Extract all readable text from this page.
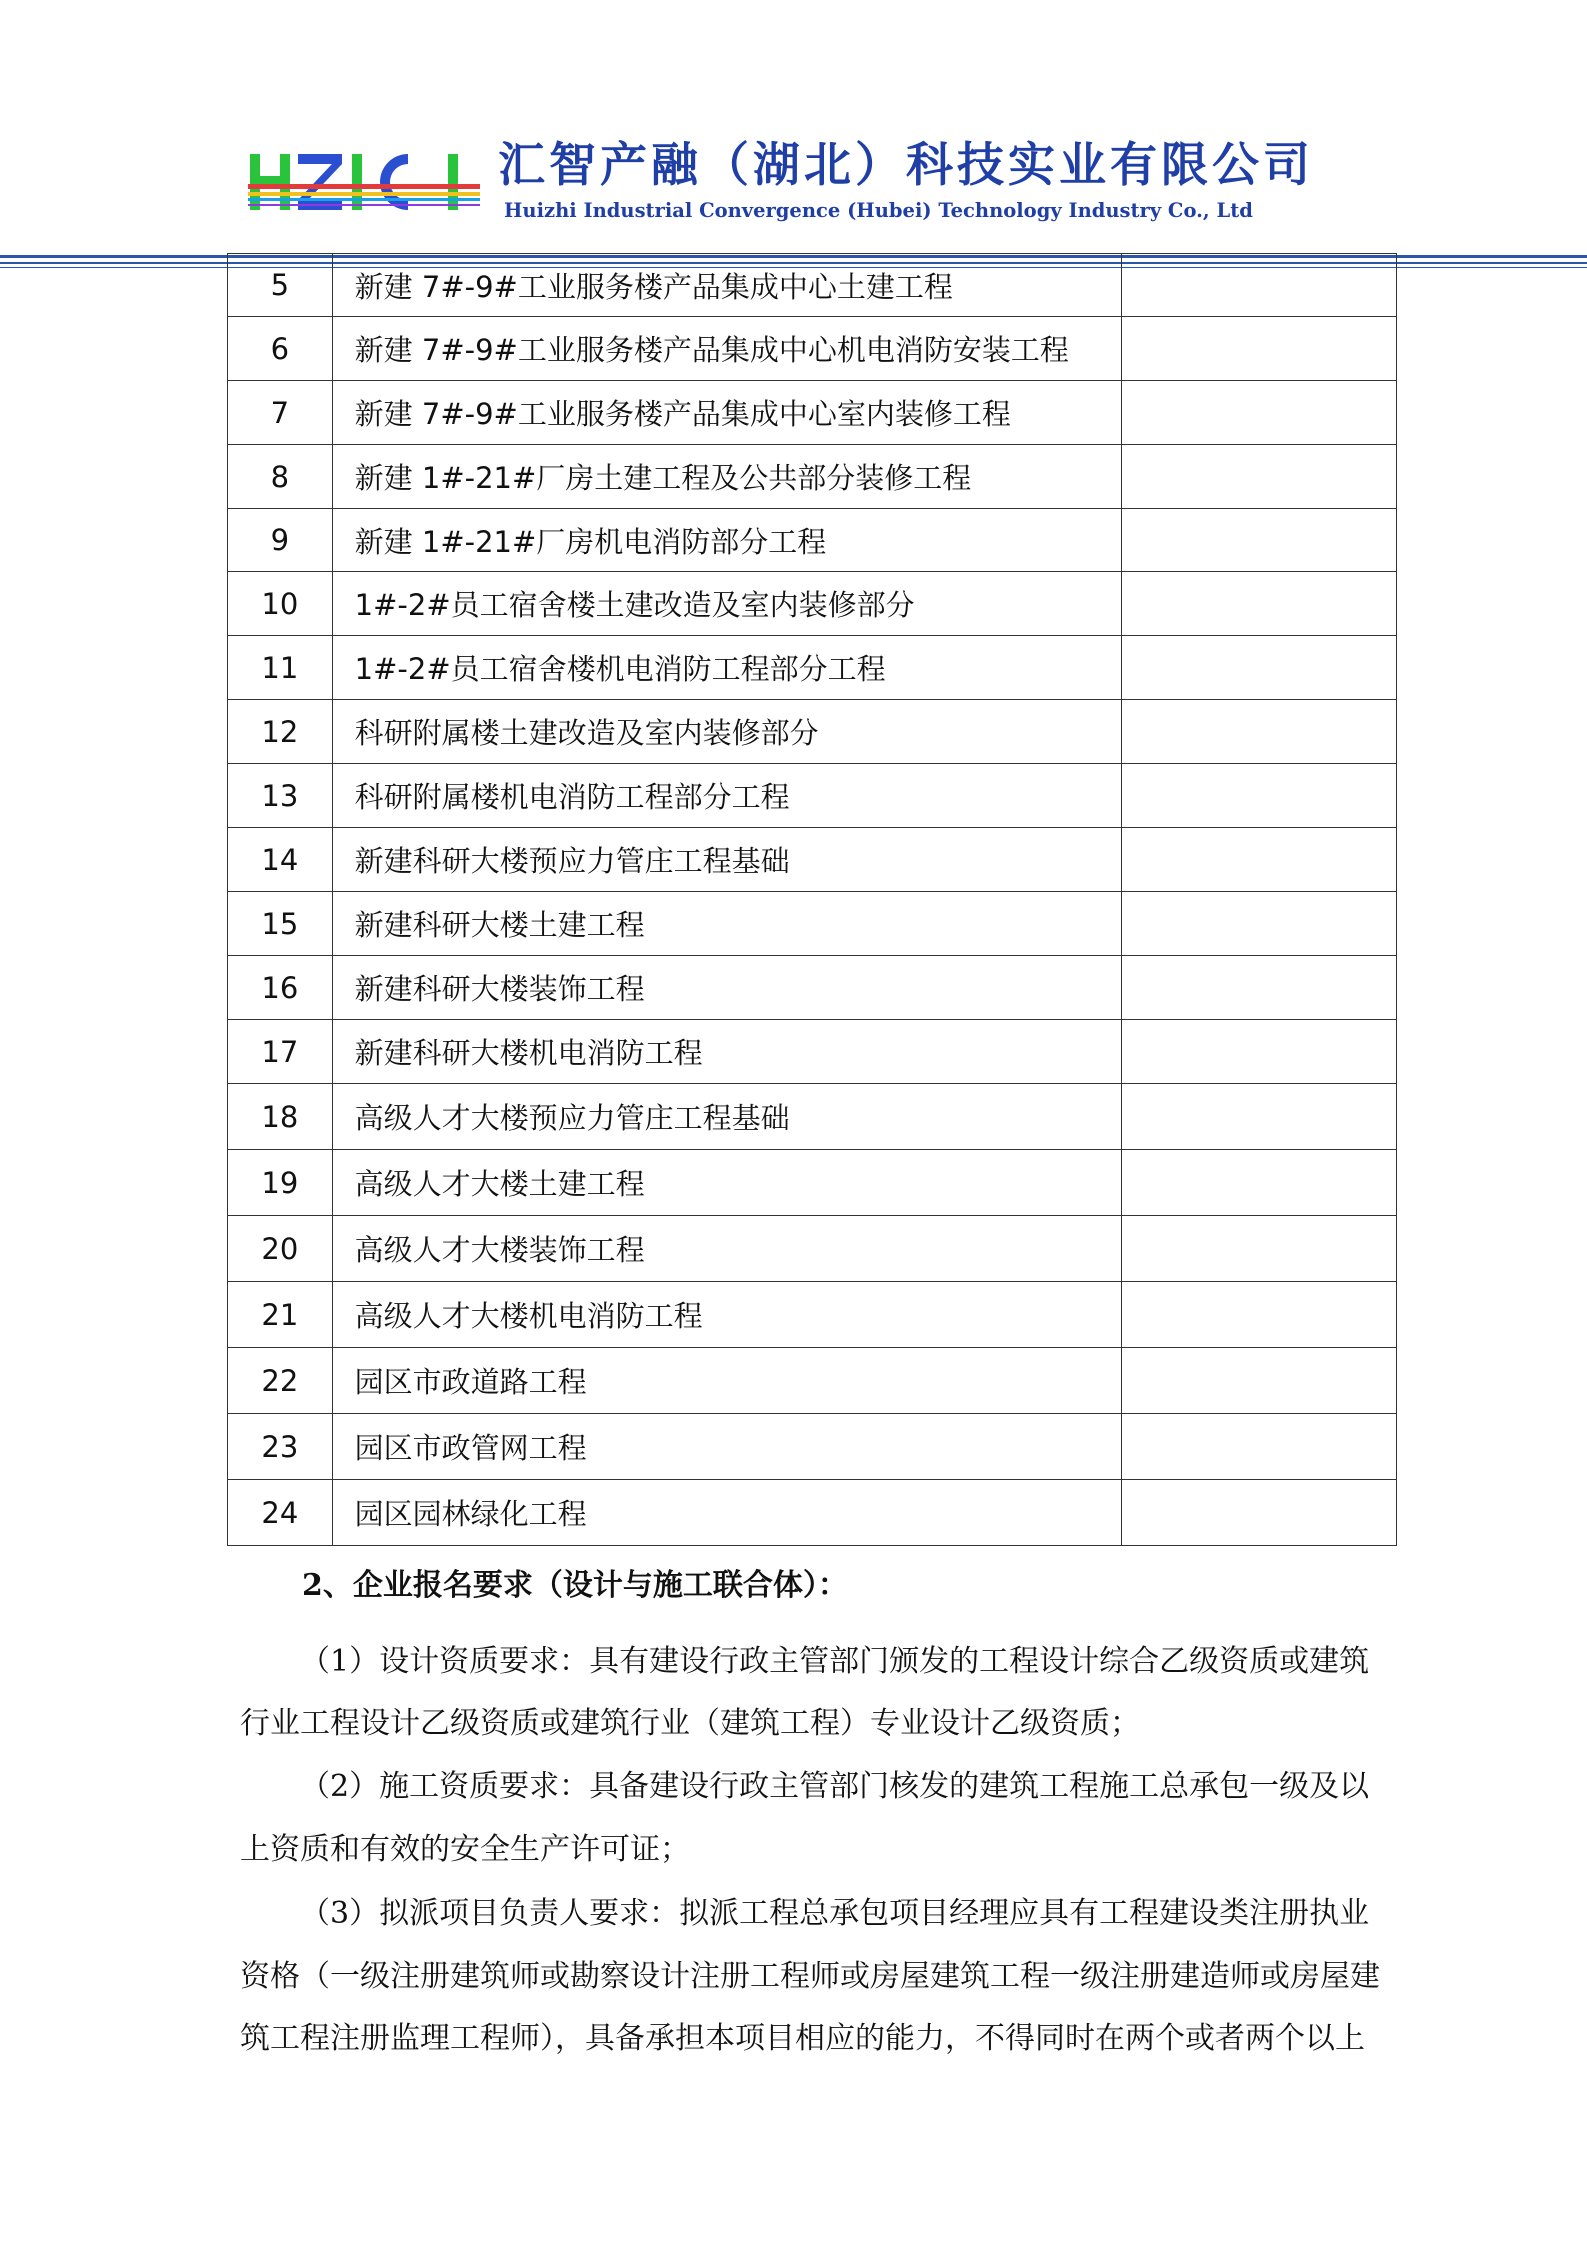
汇智产融（湖北）科技实业有限公司
Huizhi Industrial Convergence (Hubei) Technology Industry Co., Ltd
5	新建 7#-9#工业服务楼产品集成中心土建工程	
6	新建 7#-9#工业服务楼产品集成中心机电消防安装工程	
7	新建 7#-9#工业服务楼产品集成中心室内装修工程	
8	新建 1#-21#厂房土建工程及公共部分装修工程	
9	新建 1#-21#厂房机电消防部分工程	
10	1#-2#员工宿舍楼土建改造及室内装修部分	
11	1#-2#员工宿舍楼机电消防工程部分工程	
12	科研附属楼土建改造及室内装修部分	
13	科研附属楼机电消防工程部分工程	
14	新建科研大楼预应力管庄工程基础	
15	新建科研大楼土建工程	
16	新建科研大楼装饰工程	
17	新建科研大楼机电消防工程	
18	高级人才大楼预应力管庄工程基础	
19	高级人才大楼土建工程	
20	高级人才大楼装饰工程	
21	高级人才大楼机电消防工程	
22	园区市政道路工程	
23	园区市政管网工程	
24	园区园林绿化工程	
2、企业报名要求（设计与施工联合体）：
（1）设计资质要求：具有建设行政主管部门颁发的工程设计综合乙级资质或建筑
行业工程设计乙级资质或建筑行业（建筑工程）专业设计乙级资质；
（2）施工资质要求：具备建设行政主管部门核发的建筑工程施工总承包一级及以
上资质和有效的安全生产许可证；
（3）拟派项目负责人要求：拟派工程总承包项目经理应具有工程建设类注册执业
资格（一级注册建筑师或勘察设计注册工程师或房屋建筑工程一级注册建造师或房屋建
筑工程注册监理工程师），具备承担本项目相应的能力，不得同时在两个或者两个以上
